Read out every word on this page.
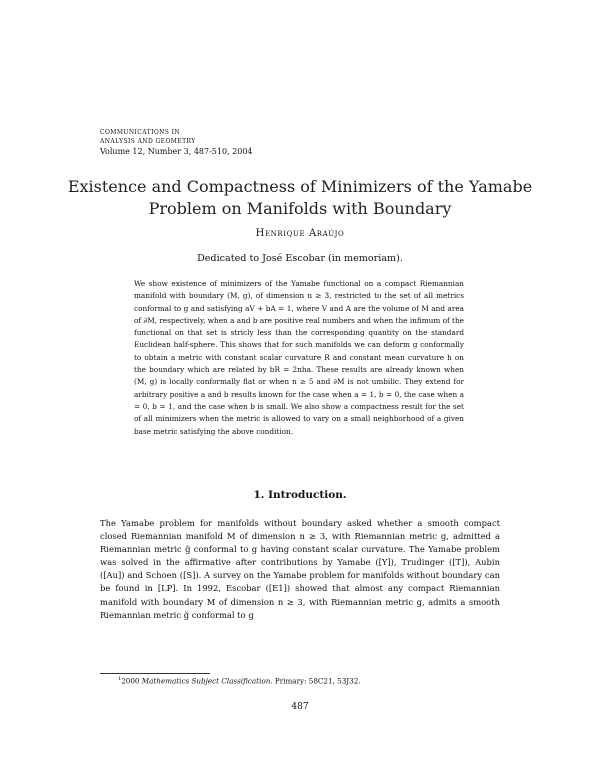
COMMUNICATIONS IN
ANALYSIS AND GEOMETRY
Volume 12, Number 3, 487-510, 2004
Existence and Compactness of Minimizers of the Yamabe Problem on Manifolds with Boundary
Henrique Araújo
Dedicated to José Escobar (in memoriam).

We show existence of minimizers of the Yamabe functional on a compact Riemannian manifold with boundary (M, g), of dimension n ≥ 3, restricted to the set of all metrics conformal to g and satisfying aV + bA = 1, where V and A are the volume of M and area of ∂M, respectively, when a and b are positive real numbers and when the infimum of the functional on that set is stricly less than the corresponding quantity on the standard Euclidean half-sphere. This shows that for such manifolds we can deform g conformally to obtain a metric with constant scalar curvature R and constant mean curvature h on the boundary which are related by bR = 2nha. These results are already known when (M, g) is locally conformally flat or when n ≥ 5 and ∂M is not umbilic. They extend for arbitrary positive a and b results known for the case when a = 1, b = 0, the case when a = 0, b = 1, and the case when b is small. We also show a compactness result for the set of all minimizers when the metric is allowed to vary on a small neighborhood of a given base metric satisfying the above condition.

1. Introduction.

The Yamabe problem for manifolds without boundary asked whether a smooth compact closed Riemannian manifold M of dimension n ≥ 3, with Riemannian metric g, admitted a Riemannian metric g̃ conformal to g having constant scalar curvature. The Yamabe problem was solved in the affirmative after contributions by Yamabe ([Y]), Trudinger ([T]), Aubin ([Au]) and Schoen ([S]). A survey on the Yamabe problem for manifolds without boundary can be found in [LP]. In 1992, Escobar ([E1]) showed that almost any compact Riemannian manifold with boundary M of dimension n ≥ 3, with Riemannian metric g, admits a smooth Riemannian metric g̃ conformal to g

$^1$2000 Mathematics Subject Classification. Primary: 58C21, 53J32.

487
